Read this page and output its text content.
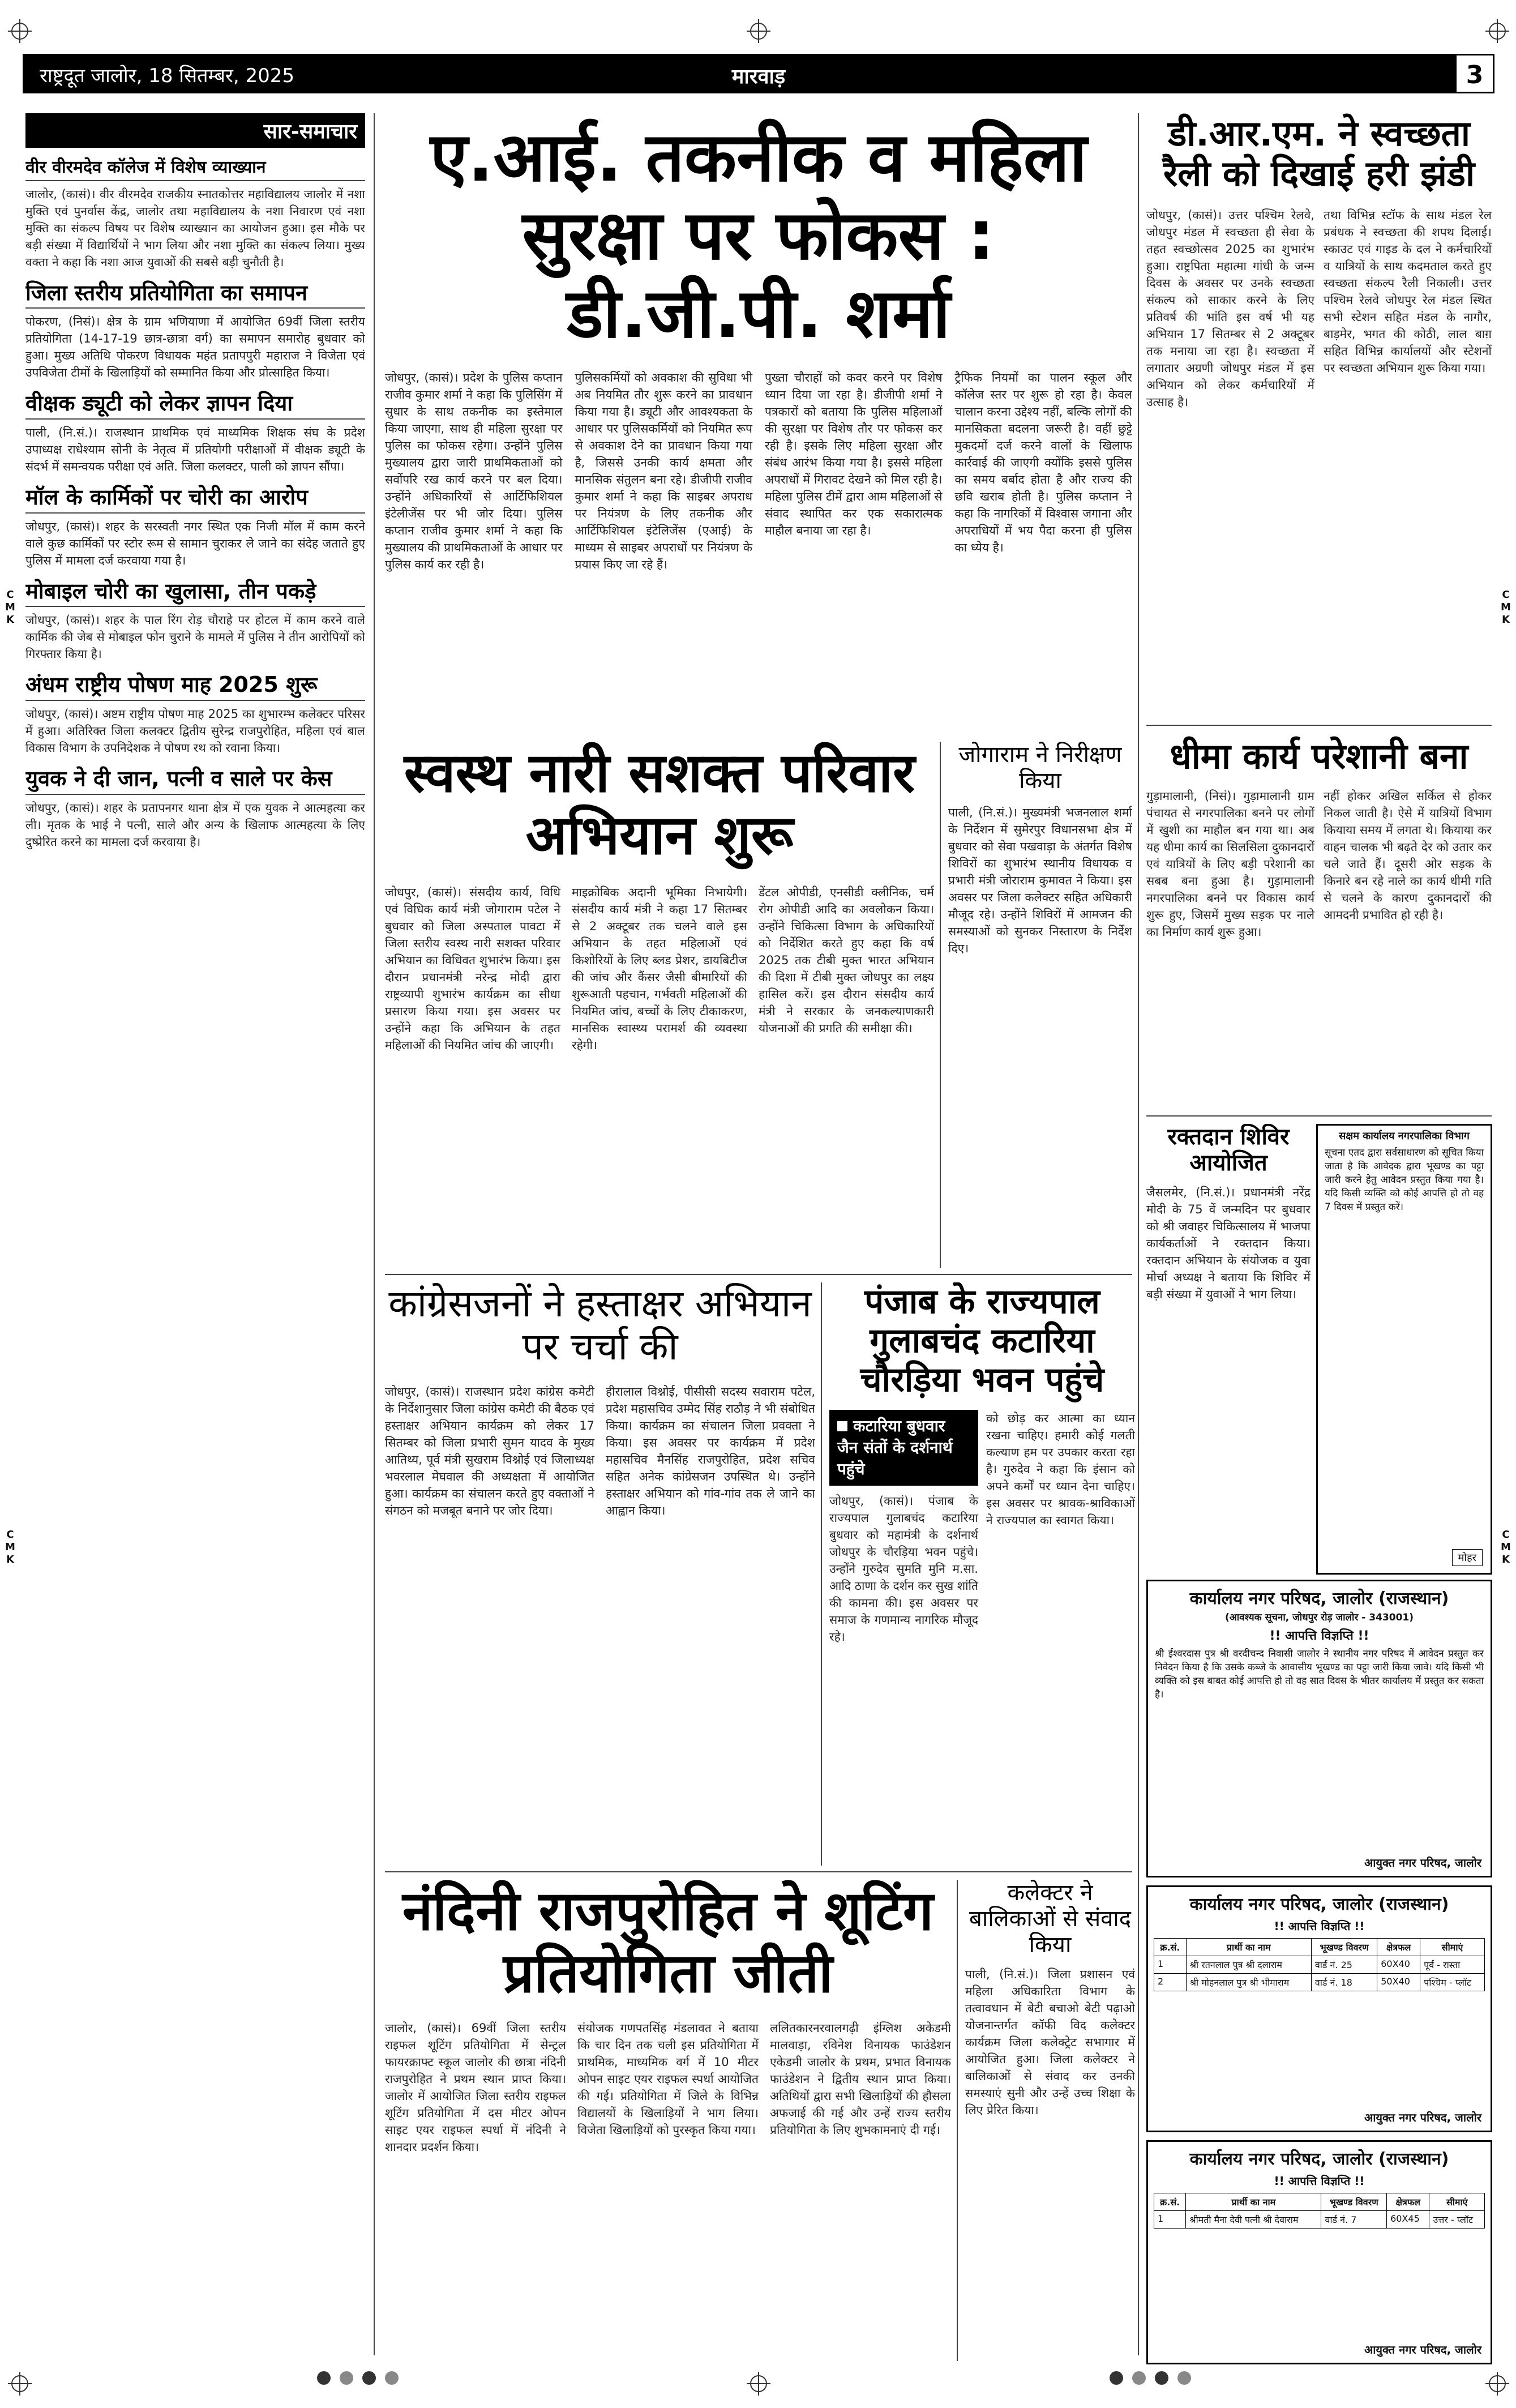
C
M
K
C
M
K
C
M
K
C
M
K
राष्ट्रदूत जालोर, 18 सितम्बर, 2025	मारवाड़	3
सार-समाचार
वीर वीरमदेव कॉलेज में विशेष व्याख्यान

जालोर, (कासं)। वीर वीरमदेव राजकीय स्नातकोत्तर महाविद्यालय जालोर में नशा मुक्ति एवं पुनर्वास केंद्र, जालोर तथा महाविद्यालय के नशा निवारण एवं नशा मुक्ति का संकल्प विषय पर विशेष व्याख्यान का आयोजन हुआ। इस मौके पर बड़ी संख्या में विद्यार्थियों ने भाग लिया और नशा मुक्ति का संकल्प लिया। मुख्य वक्ता ने कहा कि नशा आज युवाओं की सबसे बड़ी चुनौती है।

जिला स्तरीय प्रतियोगिता का समापन

पोकरण, (निसं)। क्षेत्र के ग्राम भणियाणा में आयोजित 69वीं जिला स्तरीय प्रतियोगिता (14-17-19 छात्र-छात्रा वर्ग) का समापन समारोह बुधवार को हुआ। मुख्य अतिथि पोकरण विधायक महंत प्रतापपुरी महाराज ने विजेता एवं उपविजेता टीमों के खिलाड़ियों को सम्मानित किया और प्रोत्साहित किया।

वीक्षक ड्यूटी को लेकर ज्ञापन दिया

पाली, (नि.सं.)। राजस्थान प्राथमिक एवं माध्यमिक शिक्षक संघ के प्रदेश उपाध्यक्ष राधेश्याम सोनी के नेतृत्व में प्रतियोगी परीक्षाओं में वीक्षक ड्यूटी के संदर्भ में समन्वयक परीक्षा एवं अति. जिला कलक्टर, पाली को ज्ञापन सौंपा।

मॉल के कार्मिकों पर चोरी का आरोप

जोधपुर, (कासं)। शहर के सरस्वती नगर स्थित एक निजी मॉल में काम करने वाले कुछ कार्मिकों पर स्टोर रूम से सामान चुराकर ले जाने का संदेह जताते हुए पुलिस में मामला दर्ज करवाया गया है।

मोबाइल चोरी का खुलासा, तीन पकड़े

जोधपुर, (कासं)। शहर के पाल रिंग रोड़ चौराहे पर होटल में काम करने वाले कार्मिक की जेब से मोबाइल फोन चुराने के मामले में पुलिस ने तीन आरोपियों को गिरफ्तार किया है।

अंधम राष्ट्रीय पोषण माह 2025 शुरू

जोधपुर, (कासं)। अष्टम राष्ट्रीय पोषण माह 2025 का शुभारम्भ कलेक्टर परिसर में हुआ। अतिरिक्त जिला कलक्टर द्वितीय सुरेन्द्र राजपुरोहित, महिला एवं बाल विकास विभाग के उपनिदेशक ने पोषण रथ को रवाना किया।

युवक ने दी जान, पत्नी व साले पर केस

जोधपुर, (कासं)। शहर के प्रतापनगर थाना क्षेत्र में एक युवक ने आत्महत्या कर ली। मृतक के भाई ने पत्नी, साले और अन्य के खिलाफ आत्महत्या के लिए दुष्प्रेरित करने का मामला दर्ज करवाया है।

ए.आई. तकनीक व महिला सुरक्षा पर फोकस : डी.जी.पी. शर्मा

जोधपुर, (कासं)। प्रदेश के पुलिस कप्तान राजीव कुमार शर्मा ने कहा कि पुलिसिंग में सुधार के साथ तकनीक का इस्तेमाल किया जाएगा, साथ ही महिला सुरक्षा पर पुलिस का फोकस रहेगा। उन्होंने पुलिस मुख्यालय द्वारा जारी प्राथमिकताओं को सर्वोपरि रख कार्य करने पर बल दिया। उन्होंने अधिकारियों से आर्टिफिशियल इंटेलीजेंस पर भी जोर दिया। पुलिस कप्तान राजीव कुमार शर्मा ने कहा कि मुख्यालय की प्राथमिकताओं के आधार पर पुलिस कार्य कर रही है।

पुलिसकर्मियों को अवकाश की सुविधा भी अब नियमित तौर शुरू करने का प्रावधान किया गया है। ड्यूटी और आवश्यकता के आधार पर पुलिसकर्मियों को नियमित रूप से अवकाश देने का प्रावधान किया गया है, जिससे उनकी कार्य क्षमता और मानसिक संतुलन बना रहे। डीजीपी राजीव कुमार शर्मा ने कहा कि साइबर अपराध पर नियंत्रण के लिए तकनीक और आर्टिफिशियल इंटेलिजेंस (एआई) के माध्यम से साइबर अपराधों पर नियंत्रण के प्रयास किए जा रहे हैं।

पुख्ता चौराहों को कवर करने पर विशेष ध्यान दिया जा रहा है। डीजीपी शर्मा ने पत्रकारों को बताया कि पुलिस महिलाओं की सुरक्षा पर विशेष तौर पर फोकस कर रही है। इसके लिए महिला सुरक्षा और संबंध आरंभ किया गया है। इससे महिला अपराधों में गिरावट देखने को मिल रही है। महिला पुलिस टीमें द्वारा आम महिलाओं से संवाद स्थापित कर एक सकारात्मक माहौल बनाया जा रहा है।

ट्रैफिक नियमों का पालन स्कूल और कॉलेज स्तर पर शुरू हो रहा है। केवल चालान करना उद्देश्य नहीं, बल्कि लोगों की मानसिकता बदलना जरूरी है। वहीं छुट्टे मुकदमों दर्ज करने वालों के खिलाफ कार्रवाई की जाएगी क्योंकि इससे पुलिस का समय बर्बाद होता है और राज्य की छवि खराब होती है। पुलिस कप्तान ने कहा कि नागरिकों में विश्वास जगाना और अपराधियों में भय पैदा करना ही पुलिस का ध्येय है।

डी.आर.एम. ने स्वच्छता रैली को दिखाई हरी झंडी

जोधपुर, (कासं)। उत्तर पश्चिम रेलवे, जोधपुर मंडल में स्वच्छता ही सेवा के तहत स्वच्छोत्सव 2025 का शुभारंभ हुआ। राष्ट्रपिता महात्मा गांधी के जन्म दिवस के अवसर पर उनके स्वच्छता संकल्प को साकार करने के लिए प्रतिवर्ष की भांति इस वर्ष भी यह अभियान 17 सितम्बर से 2 अक्टूबर तक मनाया जा रहा है। स्वच्छता में लगातार अग्रणी जोधपुर मंडल में इस अभियान को लेकर कर्मचारियों में उत्साह है।

तथा विभिन्न स्टॉफ के साथ मंडल रेल प्रबंधक ने स्वच्छता की शपथ दिलाई। स्काउट एवं गाइड के दल ने कर्मचारियों व यात्रियों के साथ कदमताल करते हुए स्वच्छता संकल्प रैली निकाली। उत्तर पश्चिम रेलवे जोधपुर रेल मंडल स्थित सभी स्टेशन सहित मंडल के नागौर, बाड़मेर, भगत की कोठी, लाल बाग़ सहित विभिन्न कार्यालयों और स्टेशनों पर स्वच्छता अभियान शुरू किया गया।

स्वस्थ नारी सशक्त परिवार अभियान शुरू

जोधपुर, (कासं)। संसदीय कार्य, विधि एवं विधिक कार्य मंत्री जोगाराम पटेल ने बुधवार को जिला अस्पताल पावटा में जिला स्तरीय स्वस्थ नारी सशक्त परिवार अभियान का विधिवत शुभारंभ किया। इस दौरान प्रधानमंत्री नरेन्द्र मोदी द्वारा राष्ट्रव्यापी शुभारंभ कार्यक्रम का सीधा प्रसारण किया गया। इस अवसर पर उन्होंने कहा कि अभियान के तहत महिलाओं की नियमित जांच की जाएगी।

माइक्रोबिक अदानी भूमिका निभायेगी। संसदीय कार्य मंत्री ने कहा 17 सितम्बर से 2 अक्टूबर तक चलने वाले इस अभियान के तहत महिलाओं एवं किशोरियों के लिए ब्लड प्रेशर, डायबिटीज की जांच और कैंसर जैसी बीमारियों की शुरूआती पहचान, गर्भवती महिलाओं की नियमित जांच, बच्चों के लिए टीकाकरण, मानसिक स्वास्थ्य परामर्श की व्यवस्था रहेगी।

डेंटल ओपीडी, एनसीडी क्लीनिक, चर्म रोग ओपीडी आदि का अवलोकन किया। उन्होंने चिकित्सा विभाग के अधिकारियों को निर्देशित करते हुए कहा कि वर्ष 2025 तक टीबी मुक्त भारत अभियान की दिशा में टीबी मुक्त जोधपुर का लक्ष्य हासिल करें। इस दौरान संसदीय कार्य मंत्री ने सरकार के जनकल्याणकारी योजनाओं की प्रगति की समीक्षा की।

जोगाराम ने निरीक्षण किया

पाली, (नि.सं.)। मुख्यमंत्री भजनलाल शर्मा के निर्देशन में सुमेरपुर विधानसभा क्षेत्र में बुधवार को सेवा पखवाड़ा के अंतर्गत विशेष शिविरों का शुभारंभ स्थानीय विधायक व प्रभारी मंत्री जोराराम कुमावत ने किया। इस अवसर पर जिला कलेक्टर सहित अधिकारी मौजूद रहे। उन्होंने शिविरों में आमजन की समस्याओं को सुनकर निस्तारण के निर्देश दिए।

धीमा कार्य परेशानी बना

गुड़ामालानी, (निसं)। गुड़ामालानी ग्राम पंचायत से नगरपालिका बनने पर लोगों में खुशी का माहौल बन गया था। अब यह धीमा कार्य का सिलसिला दुकानदारों एवं यात्रियों के लिए बड़ी परेशानी का सबब बना हुआ है। गुड़ामालानी नगरपालिका बनने पर विकास कार्य शुरू हुए, जिसमें मुख्य सड़क पर नाले का निर्माण कार्य शुरू हुआ।

नहीं होकर अखिल सर्किल से होकर निकल जाती है। ऐसे में यात्रियों विभाग कियाया समय में लगता थे। कियाया कर वाहन चालक भी बढ़ते देर को उतार कर चले जाते हैं। दूसरी ओर सड़क के किनारे बन रहे नाले का कार्य धीमी गति से चलने के कारण दुकानदारों की आमदनी प्रभावित हो रही है।

रक्तदान शिविर आयोजित

जैसलमेर, (नि.सं.)। प्रधानमंत्री नरेंद्र मोदी के 75 वें जन्मदिन पर बुधवार को श्री जवाहर चिकित्सालय में भाजपा कार्यकर्ताओं ने रक्तदान किया। रक्तदान अभियान के संयोजक व युवा मोर्चा अध्यक्ष ने बताया कि शिविर में बड़ी संख्या में युवाओं ने भाग लिया।

सक्षम कार्यालय नगरपालिका विभाग
सूचना एतद द्वारा सर्वसाधारण को सूचित किया जाता है कि आवेदक द्वारा भूखण्ड का पट्टा जारी करने हेतु आवेदन प्रस्तुत किया गया है। यदि किसी व्यक्ति को कोई आपत्ति हो तो वह 7 दिवस में प्रस्तुत करें।
मोहर
कांग्रेसजनों ने हस्ताक्षर अभियान पर चर्चा की

जोधपुर, (कासं)। राजस्थान प्रदेश कांग्रेस कमेटी के निर्देशानुसार जिला कांग्रेस कमेटी की बैठक एवं हस्ताक्षर अभियान कार्यक्रम को लेकर 17 सितम्बर को जिला प्रभारी सुमन यादव के मुख्य आतिथ्य, पूर्व मंत्री सुखराम विश्नोई एवं जिलाध्यक्ष भवरलाल मेघवाल की अध्यक्षता में आयोजित हुआ। कार्यक्रम का संचालन करते हुए वक्ताओं ने संगठन को मजबूत बनाने पर जोर दिया।

हीरालाल विश्नोई, पीसीसी सदस्य सवाराम पटेल, प्रदेश महासचिव उम्मेद सिंह राठौड़ ने भी संबोधित किया। कार्यक्रम का संचालन जिला प्रवक्ता ने किया। इस अवसर पर कार्यक्रम में प्रदेश महासचिव मैनसिंह राजपुरोहित, प्रदेश सचिव सहित अनेक कांग्रेसजन उपस्थित थे। उन्होंने हस्ताक्षर अभियान को गांव-गांव तक ले जाने का आह्वान किया।

पंजाब के राज्यपाल गुलाबचंद कटारिया चौरड़िया भवन पहुंचे
कटारिया बुधवार जैन संतों के दर्शनार्थ पहुंचे

जोधपुर, (कासं)। पंजाब के राज्यपाल गुलाबचंद कटारिया बुधवार को महामंत्री के दर्शनार्थ जोधपुर के चौरड़िया भवन पहुंचे। उन्होंने गुरुदेव सुमति मुनि म.सा. आदि ठाणा के दर्शन कर सुख शांति की कामना की। इस अवसर पर समाज के गणमान्य नागरिक मौजूद रहे।

को छोड़ कर आत्मा का ध्यान रखना चाहिए। हमारी कोई गलती कल्याण हम पर उपकार करता रहा है। गुरुदेव ने कहा कि इंसान को अपने कर्मों पर ध्यान देना चाहिए। इस अवसर पर श्रावक-श्राविकाओं ने राज्यपाल का स्वागत किया।

कार्यालय नगर परिषद, जालोर (राजस्थान)
(आवश्यक सूचना, जोधपुर रोड़ जालोर - 343001)
!! आपत्ति विज्ञप्ति !!
श्री ईश्वरदास पुत्र श्री वरदीचन्द निवासी जालोर ने स्थानीय नगर परिषद में आवेदन प्रस्तुत कर निवेदन किया है कि उसके कब्जे के आवासीय भूखण्ड का पट्टा जारी किया जावे। यदि किसी भी व्यक्ति को इस बाबत कोई आपत्ति हो तो वह सात दिवस के भीतर कार्यालय में प्रस्तुत कर सकता है।
आयुक्त नगर परिषद, जालोर
नंदिनी राजपुरोहित ने शूटिंग प्रतियोगिता जीती

जालोर, (कासं)। 69वीं जिला स्तरीय राइफल शूटिंग प्रतियोगिता में सेन्ट्रल फायरक्राफ्ट स्कूल जालोर की छात्रा नंदिनी राजपुरोहित ने प्रथम स्थान प्राप्त किया। जालोर में आयोजित जिला स्तरीय राइफल शूटिंग प्रतियोगिता में दस मीटर ओपन साइट एयर राइफल स्पर्धा में नंदिनी ने शानदार प्रदर्शन किया।

संयोजक गणपतसिंह मंडलावत ने बताया कि चार दिन तक चली इस प्रतियोगिता में प्राथमिक, माध्यमिक वर्ग में 10 मीटर ओपन साइट एयर राइफल स्पर्धा आयोजित की गई। प्रतियोगिता में जिले के विभिन्न विद्यालयों के खिलाड़ियों ने भाग लिया। विजेता खिलाड़ियों को पुरस्कृत किया गया।

ललितकारनरवालगढ़ी इंग्लिश अकेडमी मालवाड़ा, रविनेश विनायक फाउंडेशन एकेडमी जालोर के प्रथम, प्रभात विनायक फाउंडेशन ने द्वितीय स्थान प्राप्त किया। अतिथियों द्वारा सभी खिलाड़ियों की हौसला अफजाई की गई और उन्हें राज्य स्तरीय प्रतियोगिता के लिए शुभकामनाएं दी गई।

कलेक्टर ने बालिकाओं से संवाद किया

पाली, (नि.सं.)। जिला प्रशासन एवं महिला अधिकारिता विभाग के तत्वावधान में बेटी बचाओ बेटी पढ़ाओ योजनान्तर्गत कॉफी विद कलेक्टर कार्यक्रम जिला कलेक्ट्रेट सभागार में आयोजित हुआ। जिला कलेक्टर ने बालिकाओं से संवाद कर उनकी समस्याएं सुनी और उन्हें उच्च शिक्षा के लिए प्रेरित किया।

कार्यालय नगर परिषद, जालोर (राजस्थान)
!! आपत्ति विज्ञप्ति !!
क्र.सं.	प्रार्थी का नाम	भूखण्ड विवरण	क्षेत्रफल	सीमाएं
1	श्री रतनलाल पुत्र श्री दलाराम	वार्ड नं. 25	60X40	पूर्व - रास्ता
2	श्री मोहनलाल पुत्र श्री भीमाराम	वार्ड नं. 18	50X40	पश्चिम - प्लॉट
आयुक्त नगर परिषद, जालोर
कार्यालय नगर परिषद, जालोर (राजस्थान)
!! आपत्ति विज्ञप्ति !!
क्र.सं.	प्रार्थी का नाम	भूखण्ड विवरण	क्षेत्रफल	सीमाएं
1	श्रीमती मैना देवी पत्नी श्री देवाराम	वार्ड नं. 7	60X45	उत्तर - प्लॉट
आयुक्त नगर परिषद, जालोर
